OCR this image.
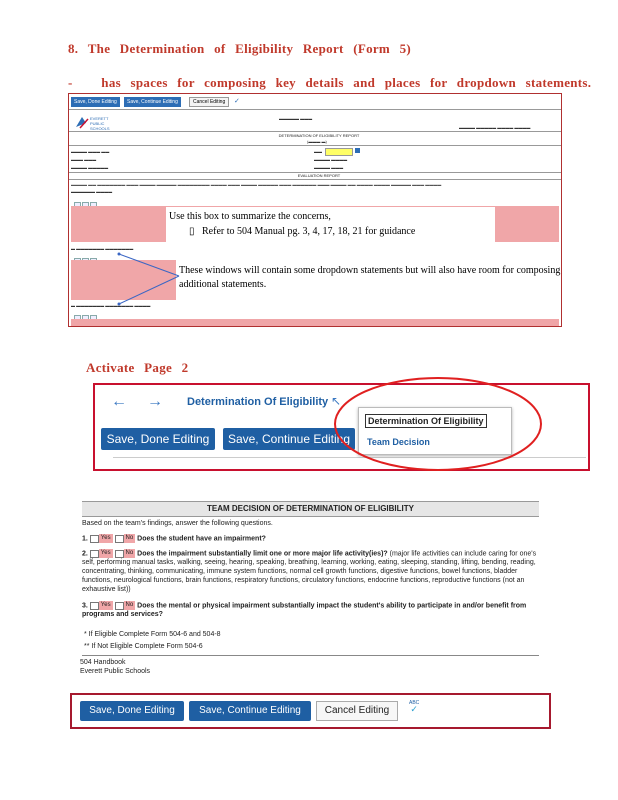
8. The Determination of Eligibility Report (Form 5)
- has spaces for composing key details and places for dropdown statements.
Save, Done Editing	Save, Continue Editing	Cancel Editing	✓
EVERETT
PUBLIC
SCHOOLS
▬▬▬▬▬ ▬▬▬
▬▬▬▬ ▬▬▬▬▬ ▬▬▬▬ ▬▬▬▬
DETERMINATION OF ELIGIBILITY REPORT
(▬▬▬ ▬)
▬▬▬▬ ▬▬▬ ▬▬
▬▬▬ ▬▬▬
▬▬▬▬ ▬▬▬▬▬
▬▬
▬▬▬▬ ▬▬▬▬
▬▬▬▬ ▬▬▬
EVALUATION REPORT
▬▬▬▬ ▬▬ ▬▬▬▬▬▬▬ ▬▬▬ ▬▬▬▬ ▬▬▬▬▬ ▬▬▬▬▬▬▬▬ ▬▬▬▬ ▬▬▬ ▬▬▬▬ ▬▬▬▬▬ ▬▬▬ ▬▬▬▬▬▬ ▬▬▬ ▬▬▬▬ ▬▬ ▬▬▬▬ ▬▬▬▬ ▬▬▬▬▬ ▬▬▬ ▬▬▬▬
▬▬▬▬▬▬ ▬▬▬▬
Use this box to summarize the concerns,
▯ Refer to 504 Manual pg. 3, 4, 17, 18, 21 for guidance
▬ ▬▬▬▬▬▬▬ ▬▬▬▬▬▬▬
These windows will contain some dropdown statements but will also have room for composing additional statements.
▬ ▬▬▬▬▬▬▬ ▬▬▬▬▬▬▬ ▬▬▬▬
Activate Page 2
← → Determination Of Eligibility ↖
Save, Done Editing	Save, Continue Editing
Determination Of Eligibility
Team Decision
TEAM DECISION OF DETERMINATION OF ELIGIBILITY
Based on the team's findings, answer the following questions.
1. Yes No Does the student have an impairment?
2. Yes No Does the impairment substantially limit one or more major life activity(ies)? (major life activities can include caring for one's self, performing manual tasks, walking, seeing, hearing, speaking, breathing, learning, working, eating, sleeping, standing, lifting, bending, reading, concentrating, thinking, communicating, immune system functions, normal cell growth functions, digestive functions, bowel functions, bladder functions, neurological functions, brain functions, respiratory functions, circulatory functions, endocrine functions, reproductive functions (not an exhaustive list))
3. Yes No Does the mental or physical impairment substantially impact the student's ability to participate in and/or benefit from programs and services?
* If Eligible Complete Form 504-6 and 504-8
** If Not Eligible Complete Form 504-6
504 Handbook
Everett Public Schools
Save, Done Editing	Save, Continue Editing	Cancel Editing
ABC
✓
